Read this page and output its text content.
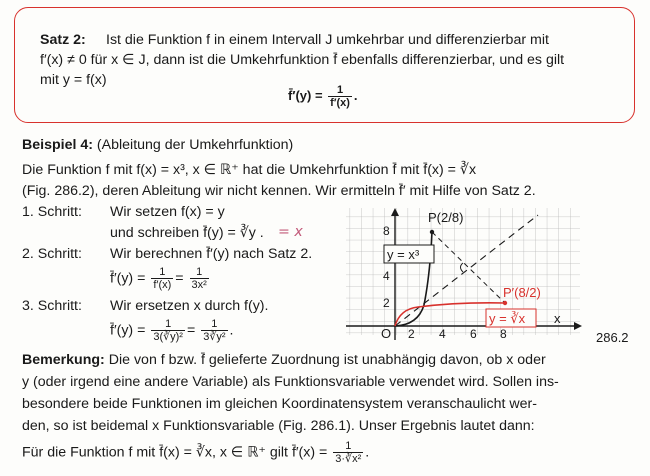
Satz 2: Ist die Funktion f in einem Intervall J umkehrbar und differenzierbar mit
f′(x) ≠ 0 für x ∈ J, dann ist die Umkehrfunktion f̄ ebenfalls differenzierbar, und es gilt
mit y = f(x)
f̄′(y) = $\frac{1}{f'(x)}$ .
Beispiel 4: (Ableitung der Umkehrfunktion)
Die Funktion f mit f(x) = x³, x ∈ ℝ⁺ hat die Umkehrfunktion f̄ mit f̄(x) = ∛x
(Fig. 286.2), deren Ableitung wir nicht kennen. Wir ermitteln f̄′ mit Hilfe von Satz 2.
1. Schritt: Wir setzen f(x) = y
und schreiben f̄(y) = ∛y . = x
2. Schritt: Wir berechnen f̄′(y) nach Satz 2.
f̄′(y) = $\frac{1}{f'(x)} = \frac{1}{\text{3x²}}$
3. Schritt: Wir ersetzen x durch f(y).
f̄′(y) = $\frac{1}{\text{3(∛y)²}} = \frac{1}{\text{3∛y²}}$ .
y = x³
y = ∛x
P(2/8)
P′(8/2)
8
4
2
O 2 4 6 8
x
286.2
Bemerkung: Die von f bzw. f̄ gelieferte Zuordnung ist unabhängig davon, ob x oder
y (oder irgend eine andere Variable) als Funktionsvariable verwendet wird. Sollen ins-
besondere beide Funktionen im gleichen Koordinatensystem veranschaulicht wer-
den, so ist beidemal x Funktionsvariable (Fig. 286.1). Unser Ergebnis lautet dann:
Für die Funktion f mit f̄(x) = ∛x, x ∈ ℝ⁺ gilt f̄′(x) = $\frac{1}{\text{3·∛x²}}$ .
